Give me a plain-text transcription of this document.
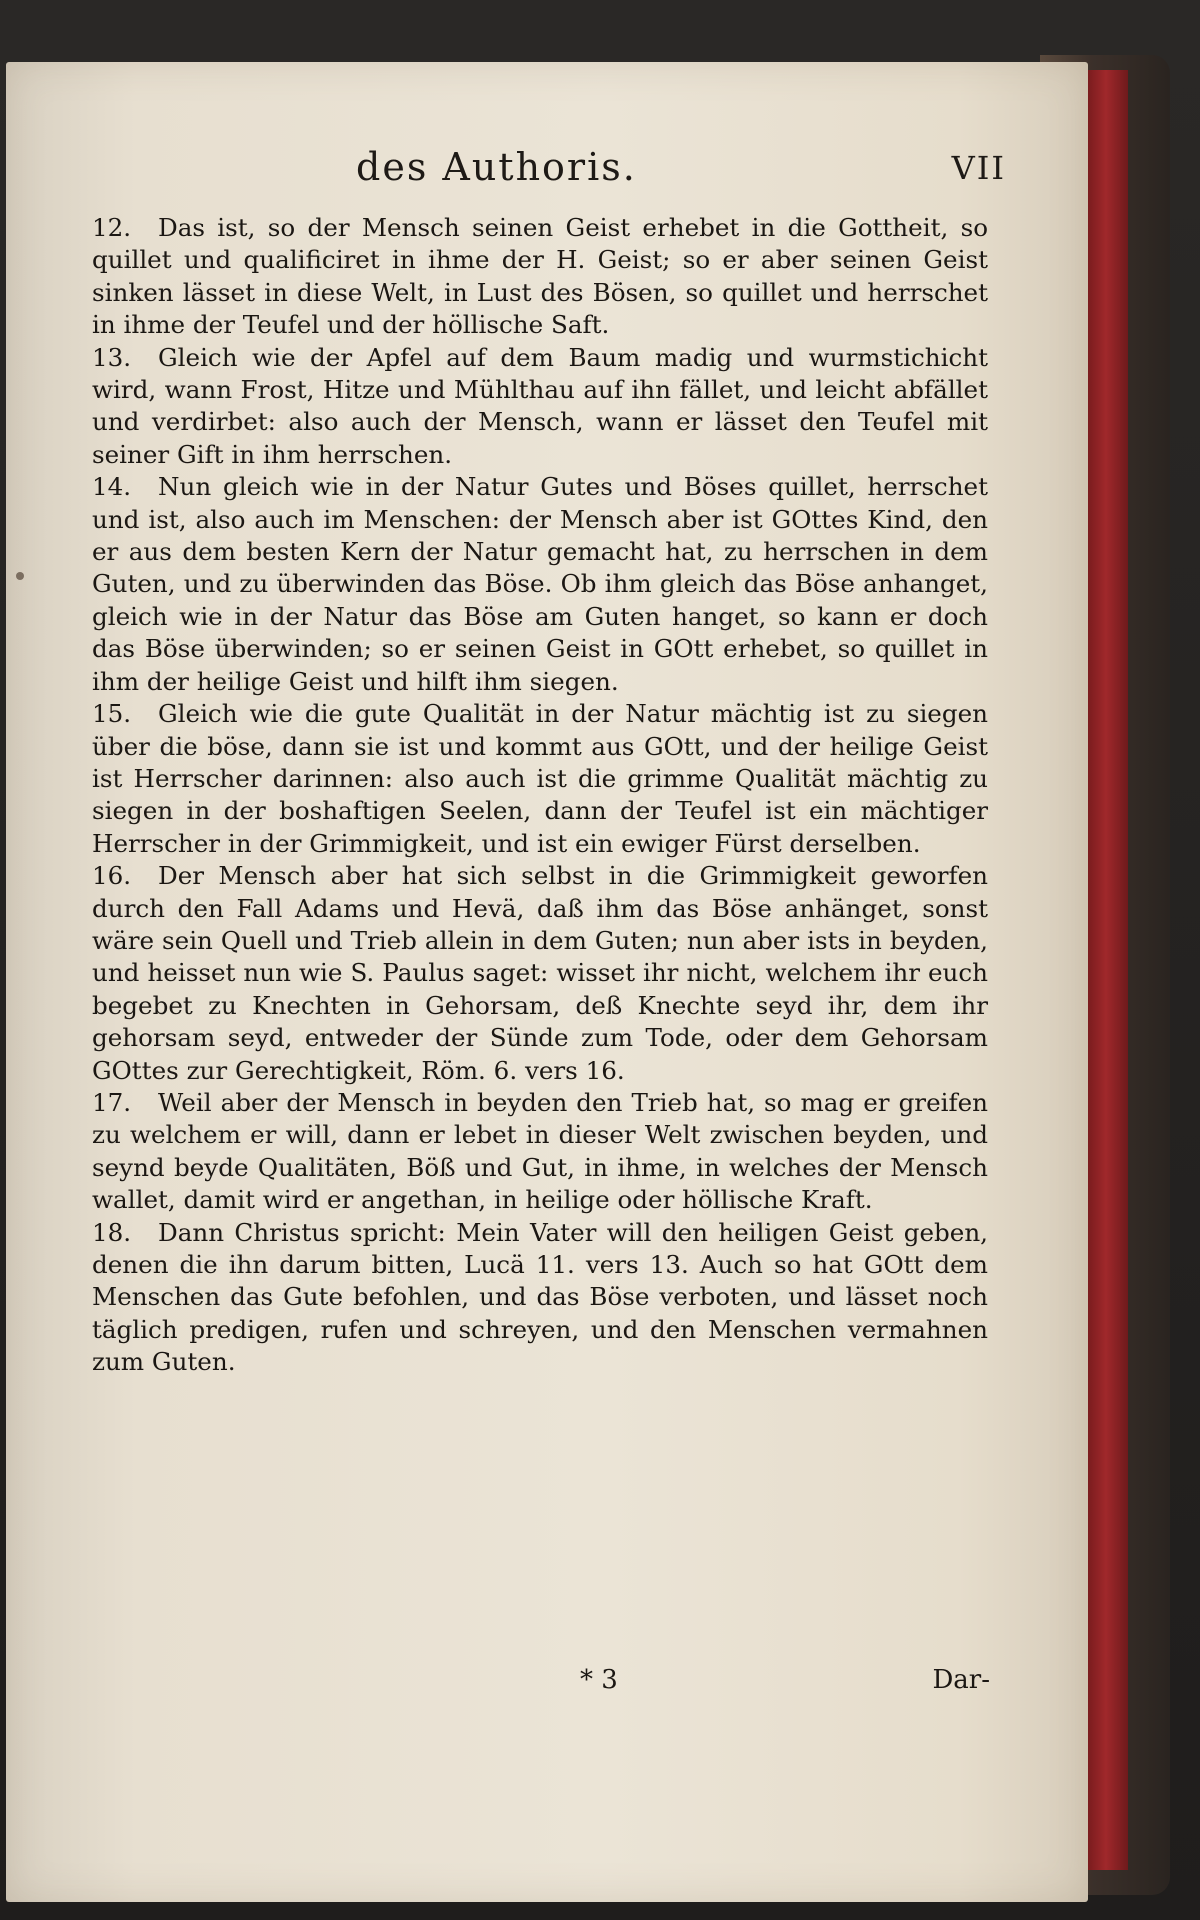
des Authoris.	VII

12. Das ist, so der Mensch seinen Geist erhebet in die Gottheit, so quillet und qualificiret in ihme der H. Geist; so er aber seinen Geist sinken lässet in diese Welt, in Lust des Bösen, so quillet und herrschet in ihme der Teufel und der höllische Saft.

13. Gleich wie der Apfel auf dem Baum madig und wurmstichicht wird, wann Frost, Hitze und Mühlthau auf ihn fället, und leicht abfället und verdirbet: also auch der Mensch, wann er lässet den Teufel mit seiner Gift in ihm herrschen.

14. Nun gleich wie in der Natur Gutes und Böses quillet, herrschet und ist, also auch im Menschen: der Mensch aber ist GOttes Kind, den er aus dem besten Kern der Natur gemacht hat, zu herrschen in dem Guten, und zu überwinden das Böse. Ob ihm gleich das Böse anhanget, gleich wie in der Natur das Böse am Guten hanget, so kann er doch das Böse überwinden; so er seinen Geist in GOtt erhebet, so quillet in ihm der heilige Geist und hilft ihm siegen.

15. Gleich wie die gute Qualität in der Natur mächtig ist zu siegen über die böse, dann sie ist und kommt aus GOtt, und der heilige Geist ist Herrscher darinnen: also auch ist die grimme Qualität mächtig zu siegen in der boshaftigen Seelen, dann der Teufel ist ein mächtiger Herrscher in der Grimmigkeit, und ist ein ewiger Fürst derselben.

16. Der Mensch aber hat sich selbst in die Grimmigkeit geworfen durch den Fall Adams und Hevä, daß ihm das Böse anhänget, sonst wäre sein Quell und Trieb allein in dem Guten; nun aber ists in beyden, und heisset nun wie S. Paulus saget: wisset ihr nicht, welchem ihr euch begebet zu Knechten in Gehorsam, deß Knechte seyd ihr, dem ihr gehorsam seyd, entweder der Sünde zum Tode, oder dem Gehorsam GOttes zur Gerechtigkeit, Röm. 6. vers 16.

17. Weil aber der Mensch in beyden den Trieb hat, so mag er greifen zu welchem er will, dann er lebet in dieser Welt zwischen beyden, und seynd beyde Qualitäten, Böß und Gut, in ihme, in welches der Mensch wallet, damit wird er angethan, in heilige oder höllische Kraft.

18. Dann Christus spricht: Mein Vater will den heiligen Geist geben, denen die ihn darum bitten, Lucä 11. vers 13. Auch so hat GOtt dem Menschen das Gute befohlen, und das Böse verboten, und lässet noch täglich predigen, rufen und schreyen, und den Menschen vermahnen zum Guten.

* 3	Dar-
